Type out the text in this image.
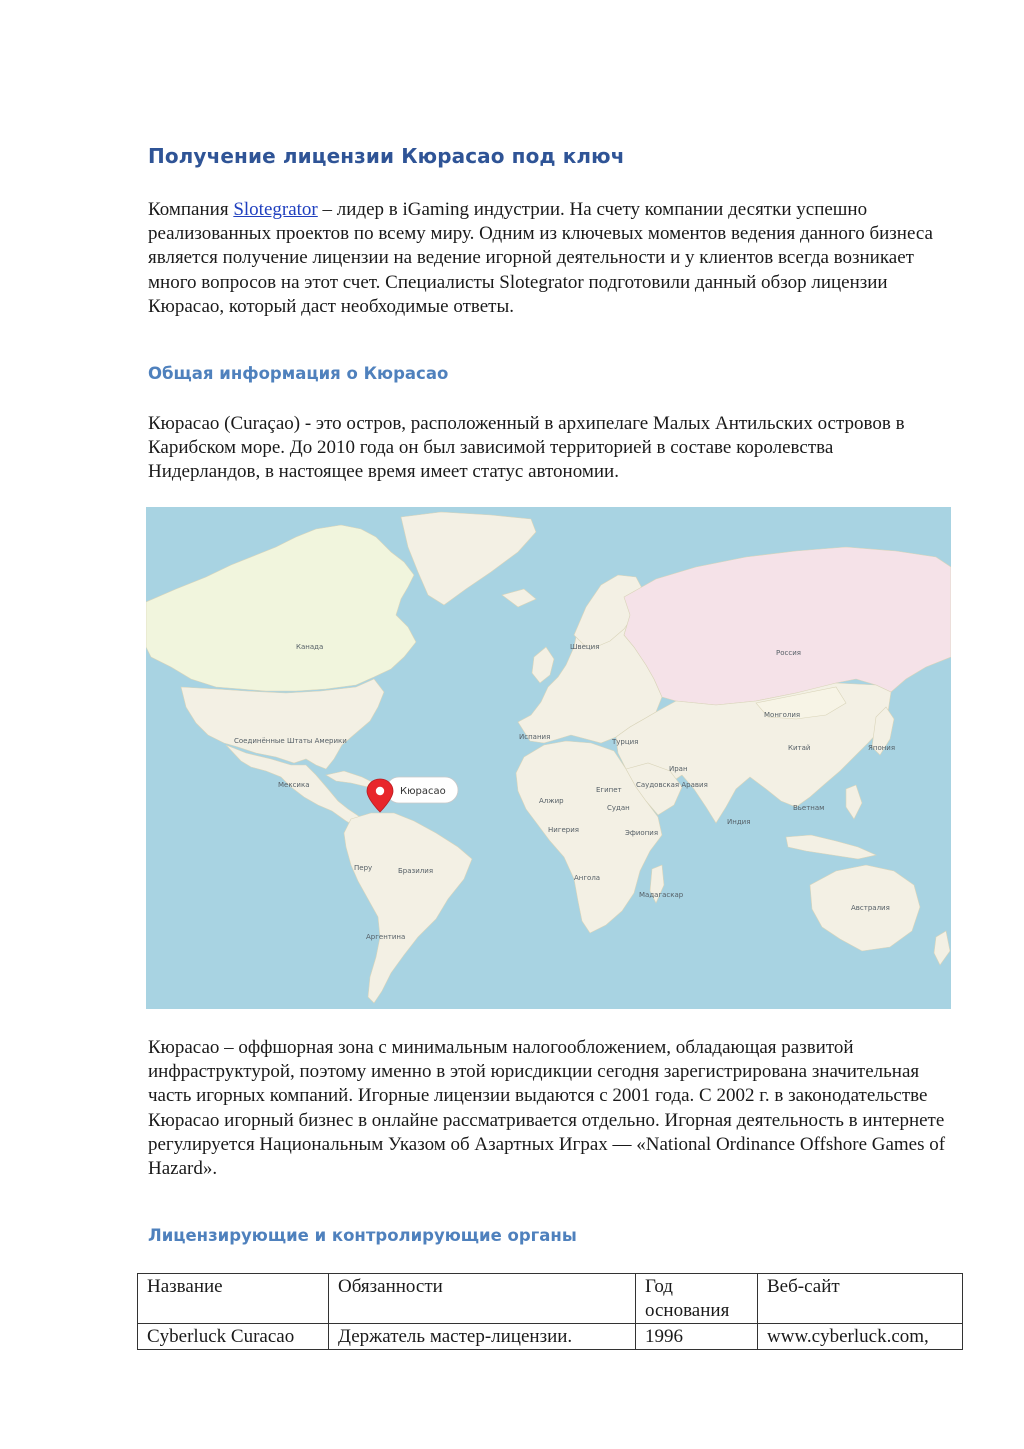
Получение лицензии Кюрасао под ключ

Компания Slotegrator – лидер в iGaming индустрии. На счету компании десятки успешно реализованных проектов по всему миру. Одним из ключевых моментов ведения данного бизнеса является получение лицензии на ведение игорной деятельности и у клиентов всегда возникает много вопросов на этот счет. Специалисты Slotegrator подготовили данный обзор лицензии Кюрасао, который даст необходимые ответы.

Общая информация о Кюрасао

Кюрасао (Curaçao) - это остров, расположенный в архипелаге Малых Антильских островов в Карибском море. До 2010 года он был зависимой территорией в составе королевства Нидерландов, в настоящее время имеет статус автономии.

Канада
Соединённые Штаты Америки
Мексика
Перу	Бразилия
Аргентина
Швеция
Россия
Монголия
Китай	Япония
Испания
Турция
Иран
Алжир
Египет
Саудовская Аравия
Индия
Судан
Нигерия	Эфиопия
Вьетнам
Ангола
Мадагаскар
Австралия
Кюрасао

Кюрасао – оффшорная зона с минимальным налогообложением, обладающая развитой инфраструктурой, поэтому именно в этой юрисдикции сегодня зарегистрирована значительная часть игорных компаний. Игорные лицензии выдаются с 2001 года. С 2002 г. в законодательстве Кюрасао игорный бизнес в онлайне рассматривается отдельно. Игорная деятельность в интернете регулируется Национальным Указом об Азартных Играх — «National Ordinance Offshore Games of Hazard».

Лицензирующие и контролирующие органы
Название	Обязанности	Год основания	Веб-сайт
Cyberluck Curacao	Держатель мастер-лицензии.	1996	www.cyberluck.com,
